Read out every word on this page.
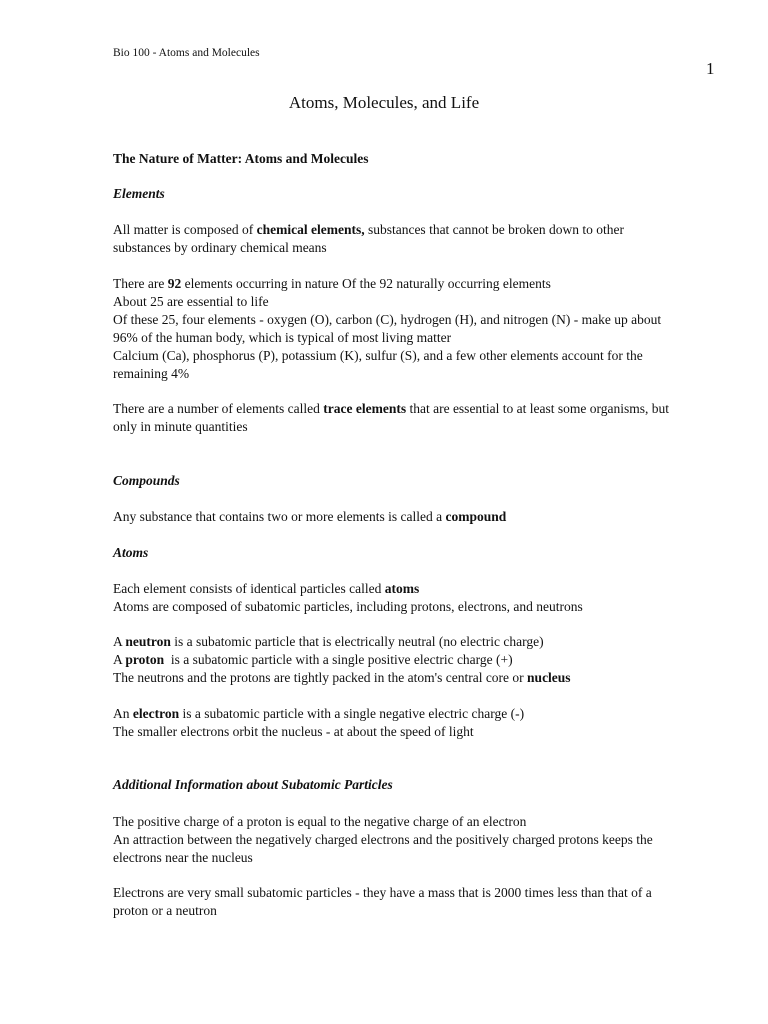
Bio 100 - Atoms and Molecules
1
Atoms, Molecules, and Life

The Nature of Matter: Atoms and Molecules

Elements

All matter is composed of chemical elements, substances that cannot be broken down to other substances by ordinary chemical means

There are 92 elements occurring in nature Of the 92 naturally occurring elements
About 25 are essential to life
Of these 25, four elements - oxygen (O), carbon (C), hydrogen (H), and nitrogen (N) - make up about 96% of the human body, which is typical of most living matter
Calcium (Ca), phosphorus (P), potassium (K), sulfur (S), and a few other elements account for the remaining 4%

There are a number of elements called trace elements that are essential to at least some organisms, but only in minute quantities

Compounds

Any substance that contains two or more elements is called a compound

Atoms

Each element consists of identical particles called atoms
Atoms are composed of subatomic particles, including protons, electrons, and neutrons
A neutron is a subatomic particle that is electrically neutral (no electric charge)
A proton  is a subatomic particle with a single positive electric charge (+)
The neutrons and the protons are tightly packed in the atom's central core or nucleus
An electron is a subatomic particle with a single negative electric charge (-)
The smaller electrons orbit the nucleus - at about the speed of light

Additional Information about Subatomic Particles

The positive charge of a proton is equal to the negative charge of an electron
An attraction between the negatively charged electrons and the positively charged protons keeps the electrons near the nucleus

Electrons are very small subatomic particles - they have a mass that is 2000 times less than that of a proton or a neutron
